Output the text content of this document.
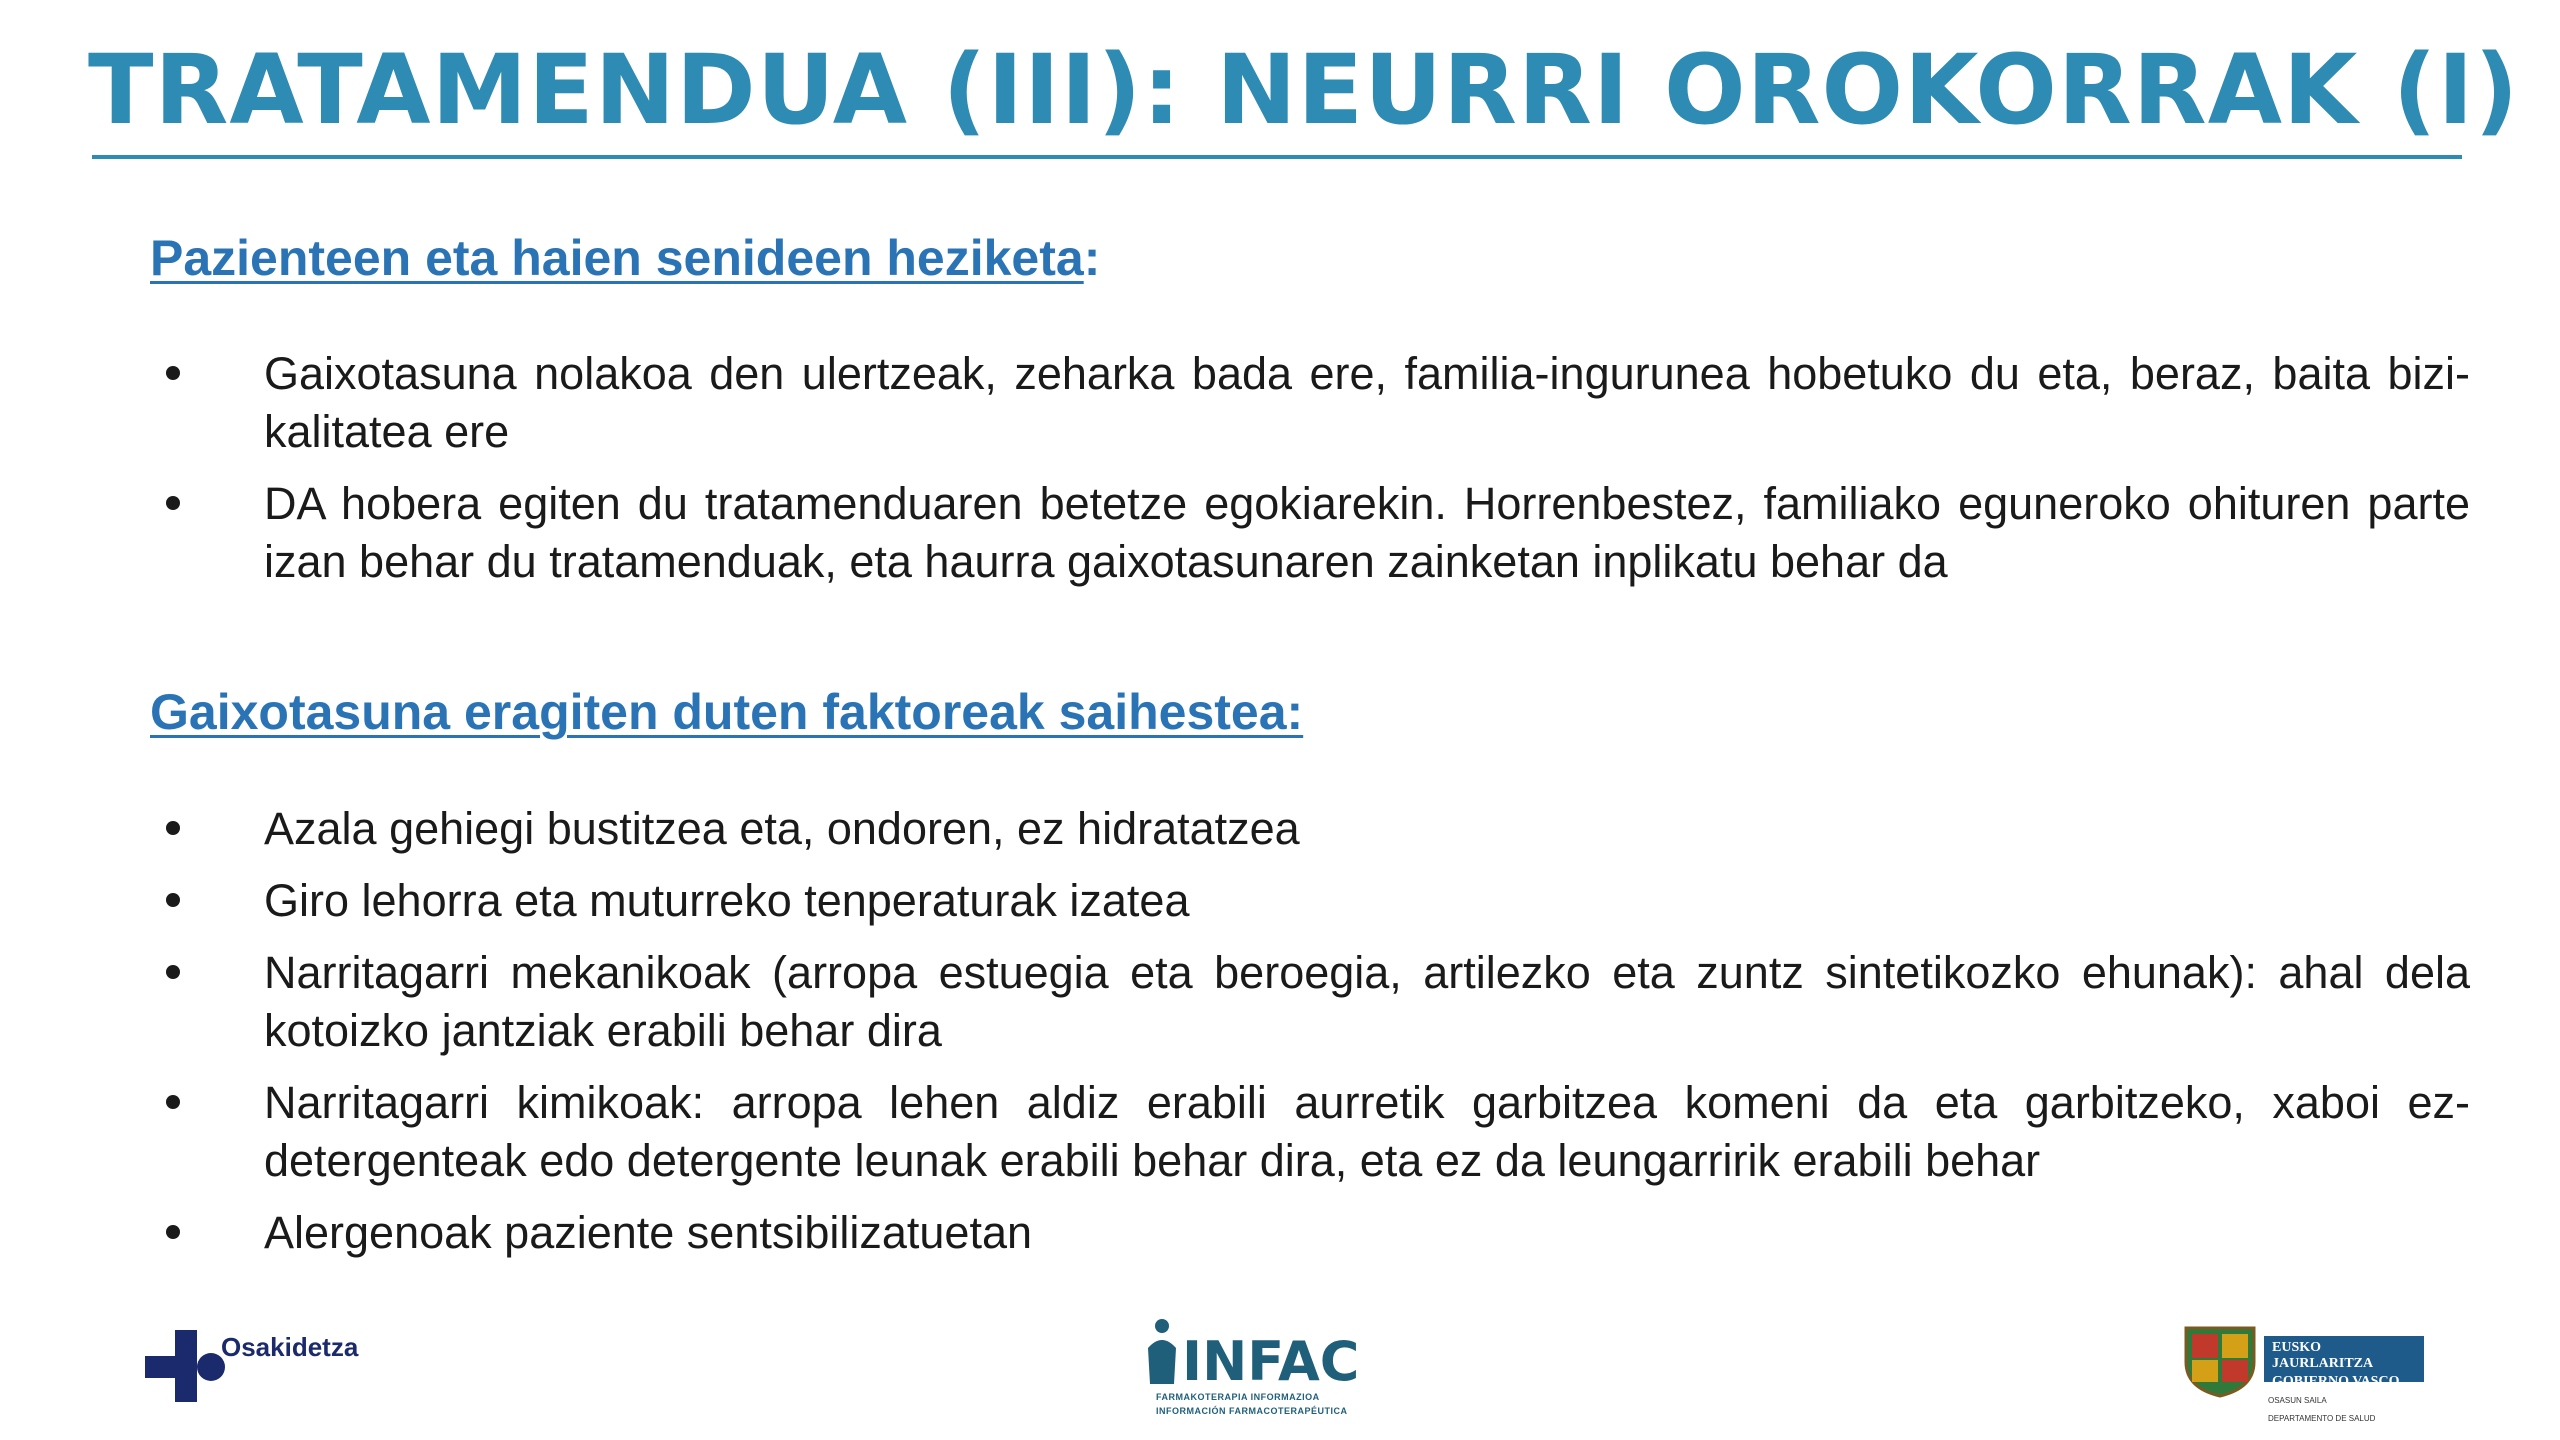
TRATAMENDUA (III): NEURRI OROKORRAK (I)
Pazienteen eta haien senideen heziketa:
Gaixotasuna nolakoa den ulertzeak, zeharka bada ere, familia-ingurunea hobetuko du eta, beraz, baita bizi-kalitatea ere
DA hobera egiten du tratamenduaren betetze egokiarekin. Horrenbestez, familiako eguneroko ohituren parte izan behar du tratamenduak, eta haurra gaixotasunaren zainketan inplikatu behar da
Gaixotasuna eragiten duten faktoreak saihestea:
Azala gehiegi bustitzea eta, ondoren, ez hidratatzea
Giro lehorra eta muturreko tenperaturak izatea
Narritagarri mekanikoak (arropa estuegia eta beroegia, artilezko eta zuntz sintetikozko ehunak): ahal dela kotoizko jantziak erabili behar dira
Narritagarri kimikoak: arropa lehen aldiz erabili aurretik garbitzea komeni da eta garbitzeko, xaboi ez-detergenteak edo detergente leunak erabili behar dira, eta ez da leungarririk erabili behar
Alergenoak paziente sentsibilizatuetan
Osakidetza	INFAC
FARMAKOTERAPIA INFORMAZIOA
INFORMACIÓN FARMACOTERAPÉUTICA
EUSKO JAURLARITZA
GOBIERNO VASCO
OSASUN SAILA
DEPARTAMENTO DE SALUD
